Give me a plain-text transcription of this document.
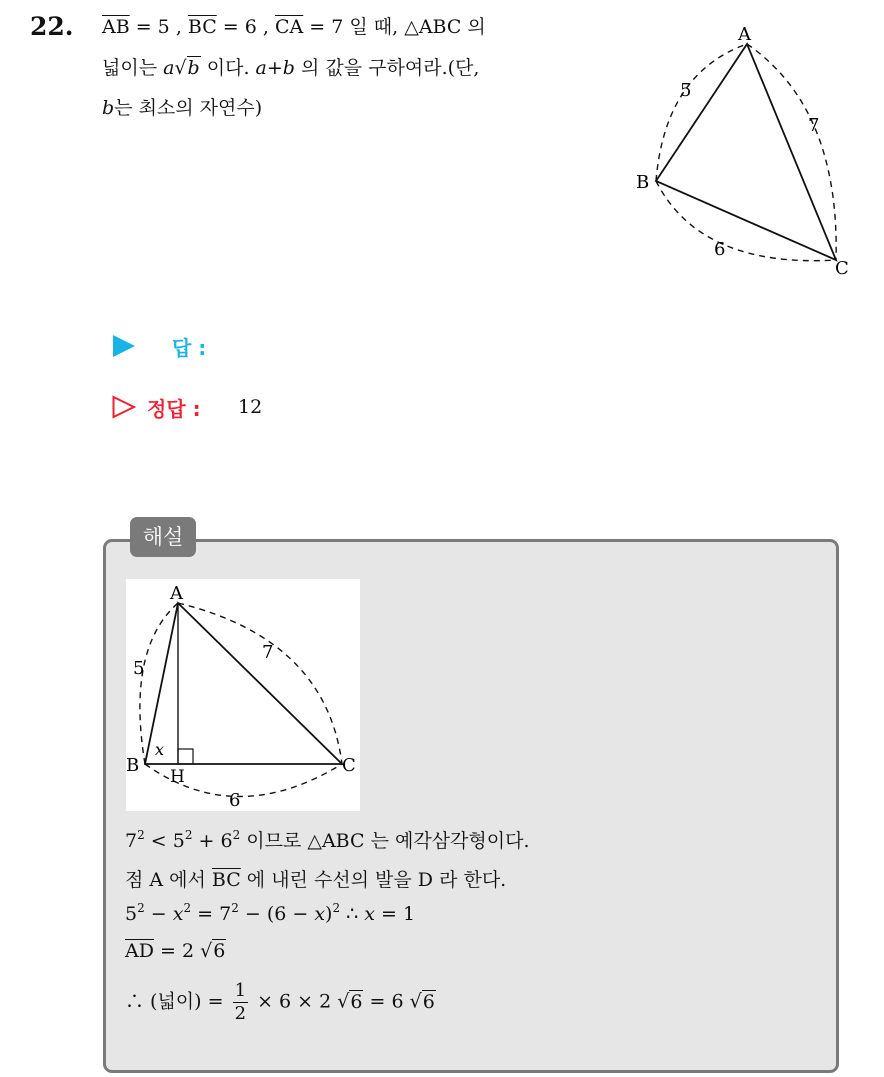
22. $\overline{AB} = 5$ , $\overline{BC} = 6$ , $\overline{CA} = 7$ 일 때, △ABC 의
넓이는 a√b 이다. a+b 의 값을 구하여라.(단,
b는 최소의 자연수)
A
B
C
5
7
6
답 :
정답 : 12
해설
A
B	C
H
x
5
7
6
$7^2 < 5^2 + 6^2$ 이므로 △ABC 는 예각삼각형이다.
점 A 에서 $\overline{BC}$ 에 내린 수선의 발을 D 라 한다.
$5^2 - x^2 = 7^2 - (6 - x)^2$ ∴ x = 1
$\overline{AD} = 2$ √6
∴ (넓이) = $\frac{1}{2} \times 6 \times 2$ √6 = 6 √6
